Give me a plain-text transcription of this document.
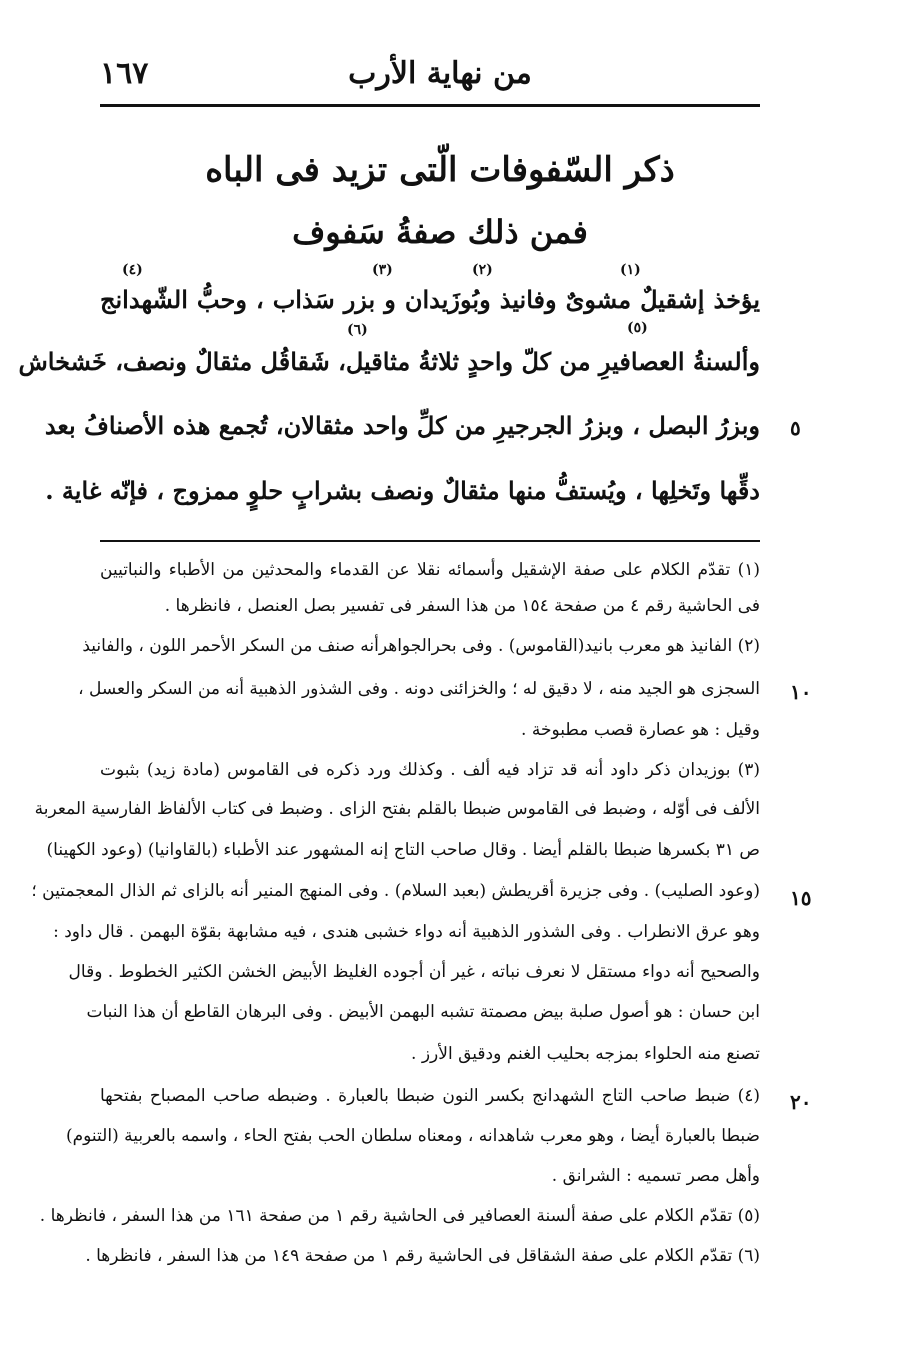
من نهاية الأرب
١٦٧
ذكر السّفوفات الّتى تزيد فى الباه
فمن ذلك صفةُ سَفوف
(٤)	(٣)	(٢)	(١)
(٦)	(٥)
يؤخذ إشقيلٌ مشوىٌ وفانيذ وبُوزَيدان و بزر سَذاب ، وحبُّ الشّهدانج
وألسنةُ العصافيرِ من كلّ واحدٍ ثلاثةُ مثاقيل، شَقاقُل مثقالٌ ونصف، خَشخاش
وبزرُ البصل ، وبزرُ الجرجيرِ من كلِّ واحد مثقالان، تُجمع هذه الأصنافُ بعد
دقِّها وتَخلِها ، ويُستفُّ منها مثقالٌ ونصف بشرابٍ حلوٍ ممزوج ، فإنّه غاية .
٥
١٠
١٥
٢٠
(١) تقدّم الكلام على صفة الإشقيل وأسمائه نقلا عن القدماء والمحدثين من الأطباء والنباتيين
فى الحاشية رقم ٤ من صفحة ١٥٤ من هذا السفر فى تفسير بصل العنصل ، فانظرها .
(٢) الفانيذ هو معرب بانيد(القاموس) . وفى بحرالجواهرأنه صنف من السكر الأحمر اللون ، والفانيذ
السجزى هو الجيد منه ، لا دقيق له ؛ والخزائنى دونه . وفى الشذور الذهبية أنه من السكر والعسل ،
وقيل : هو عصارة قصب مطبوخة .
(٣) بوزيدان ذكر داود أنه قد تزاد فيه ألف . وكذلك ورد ذكره فى القاموس (مادة زيد) بثبوت
الألف فى أوّله ، وضبط فى القاموس ضبطا بالقلم بفتح الزاى . وضبط فى كتاب الألفاظ الفارسية المعربة
ص ٣١ بكسرها ضبطا بالقلم أيضا . وقال صاحب التاج إنه المشهور عند الأطباء (بالقاوانيا) (وعود الكهينا)
(وعود الصليب) . وفى جزيرة أقريطش (بعبد السلام) . وفى المنهج المنير أنه بالزاى ثم الذال المعجمتين ؛
وهو عرق الانطراب . وفى الشذور الذهبية أنه دواء خشبى هندى ، فيه مشابهة بقوّة البهمن . قال داود :
والصحيح أنه دواء مستقل لا نعرف نباته ، غير أن أجوده الغليظ الأبيض الخشن الكثير الخطوط . وقال
ابن حسان : هو أصول صلبة بيض مصمتة تشبه البهمن الأبيض . وفى البرهان القاطع أن هذا النبات
تصنع منه الحلواء بمزجه بحليب الغنم ودقيق الأرز .
(٤) ضبط صاحب التاج الشهدانج بكسر النون ضبطا بالعبارة . وضبطه صاحب المصباح بفتحها
ضبطا بالعبارة أيضا ، وهو معرب شاهدانه ، ومعناه سلطان الحب بفتح الحاء ، واسمه بالعربية (التنوم)
وأهل مصر تسميه : الشرانق .
(٥) تقدّم الكلام على صفة ألسنة العصافير فى الحاشية رقم ١ من صفحة ١٦١ من هذا السفر ، فانظرها .
(٦) تقدّم الكلام على صفة الشقاقل فى الحاشية رقم ١ من صفحة ١٤٩ من هذا السفر ، فانظرها .
